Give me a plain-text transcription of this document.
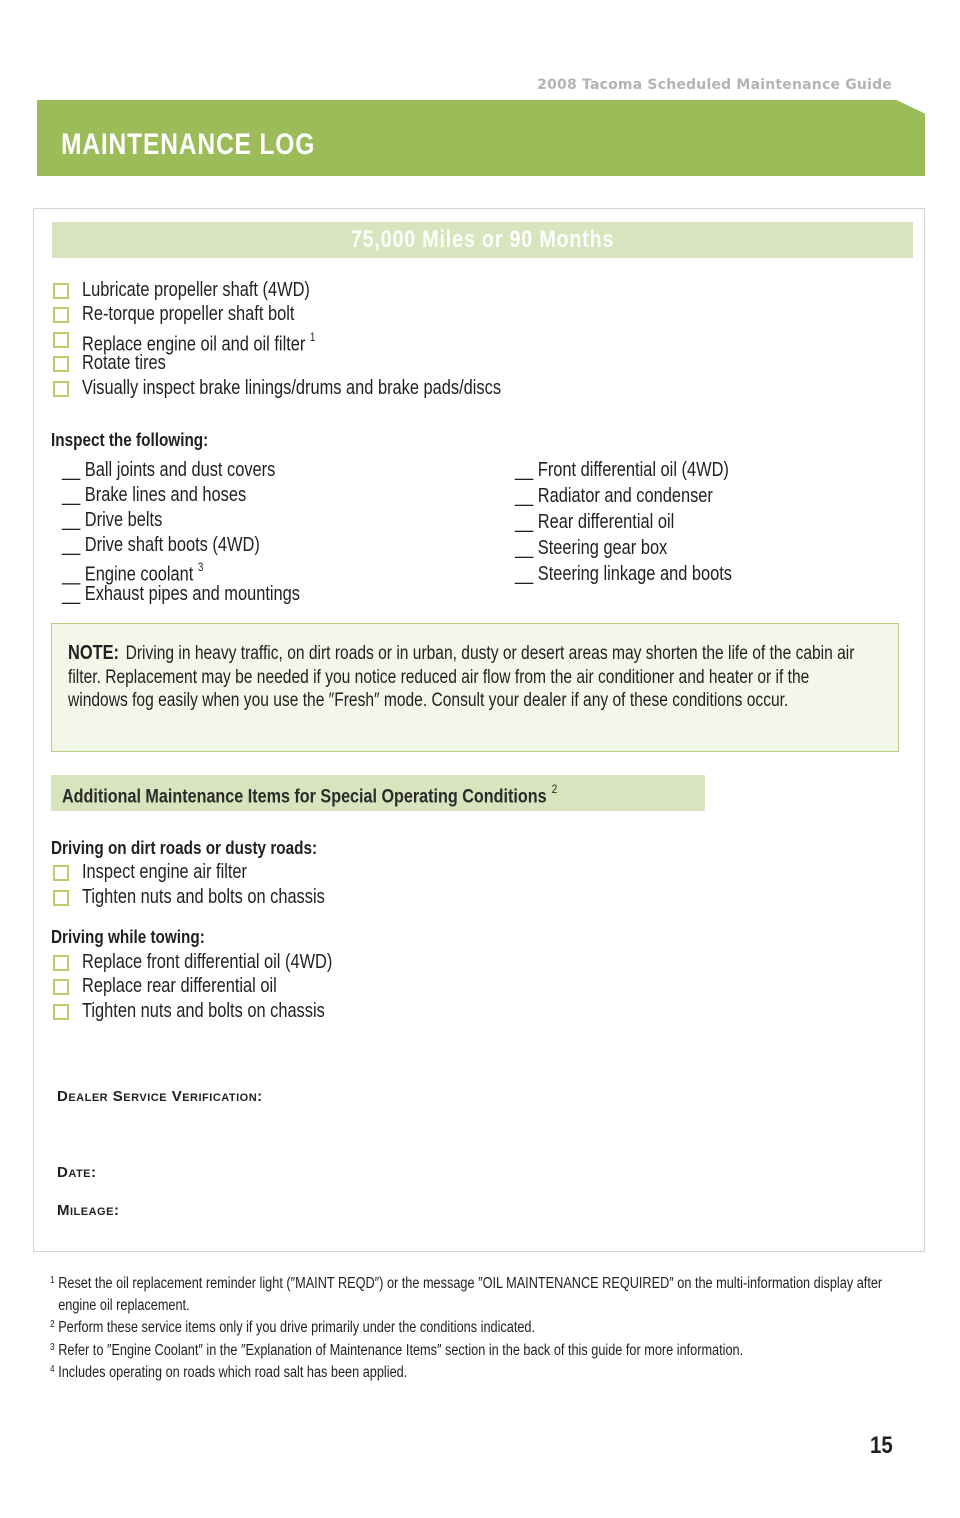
2008 Tacoma Scheduled Maintenance Guide
MAINTENANCE LOG
75,000 Miles or 90 Months
Lubricate propeller shaft (4WD)
Re-torque propeller shaft bolt
Replace engine oil and oil filter $^1$
Rotate tires
Visually inspect brake linings/drums and brake pads/discs
Inspect the following:
__ Ball joints and dust covers
__ Brake lines and hoses
__ Drive belts
__ Drive shaft boots (4WD)
__ Engine coolant $^3$
__ Exhaust pipes and mountings
__ Front differential oil (4WD)
__ Radiator and condenser
__ Rear differential oil
__ Steering gear box
__ Steering linkage and boots
NOTE: Driving in heavy traffic, on dirt roads or in urban, dusty or desert areas may shorten the life of the cabin air filter. Replacement may be needed if you notice reduced air flow from the air conditioner and heater or if the windows fog easily when you use the ″Fresh″ mode. Consult your dealer if any of these conditions occur.
Additional Maintenance Items for Special Operating Conditions $^2$
Driving on dirt roads or dusty roads:
Inspect engine air filter
Tighten nuts and bolts on chassis
Driving while towing:
Replace front differential oil (4WD)
Replace rear differential oil
Tighten nuts and bolts on chassis
Dealer Service Verification:
Date:
Mileage:
1 Reset the oil replacement reminder light (″MAINT REQD″) or the message ″OIL MAINTENANCE REQUIRED″ on the multi-information display after engine oil replacement.
2 Perform these service items only if you drive primarily under the conditions indicated.
3 Refer to ″Engine Coolant″ in the ″Explanation of Maintenance Items″ section in the back of this guide for more information.
4 Includes operating on roads which road salt has been applied.
15
